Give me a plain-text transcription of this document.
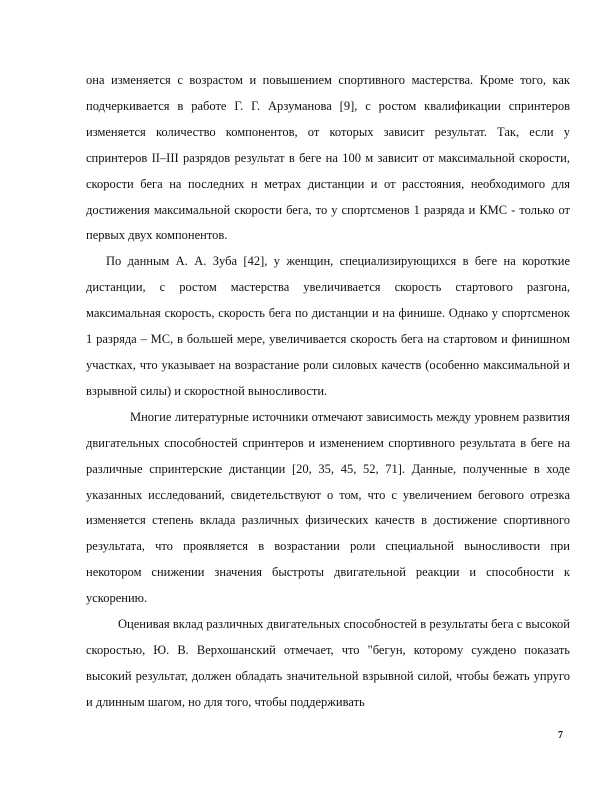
она изменяется с возрастом и повышением спортивного мастерства. Кроме того, как подчеркивается в работе Г. Г. Арзуманова [9], с ростом квалификации спринтеров изменяется количество компонентов, от которых зависит результат. Так, если у спринтеров II–III разрядов результат в беге на 100 м зависит от максимальной скорости, скорости бега на последних н метрах дистанции и от расстояния, необходимого для достижения максимальной скорости бега, то у спортсменов 1 разряда и КМС - только от первых двух компонентов.

По данным А. А. Зуба [42], у женщин, специализирующихся в беге на короткие дистанции, с ростом мастерства увеличивается скорость стартового разгона, максимальная скорость, скорость бега по дистанции и на финише. Однако у спортсменок 1 разряда – МС, в большей мере, увеличивается скорость бега на стартовом и финишном участках, что указывает на возрастание роли силовых качеств (особенно максимальной и взрывной силы) и скоростной выносливости.

Многие литературные источники отмечают зависимость между уровнем развития двигательных способностей спринтеров и изменением спортивного результата в беге на различные спринтерские дистанции [20, 35, 45, 52, 71]. Данные, полученные в ходе указанных исследований, свидетельствуют о том, что с увеличением бегового отрезка изменяется степень вклада различных физических качеств в достижение спортивного результата, что проявляется в возрастании роли специальной выносливости при некотором снижении значения быстроты двигательной реакции и способности к ускорению.

Оценивая вклад различных двигательных способностей в результаты бега с высокой скоростью, Ю. В. Верхошанский отмечает, что "бегун, которому суждено показать высокий результат, должен обладать значительной взрывной силой, чтобы бежать упруго и длинным шагом, но для того, чтобы поддерживать

7
